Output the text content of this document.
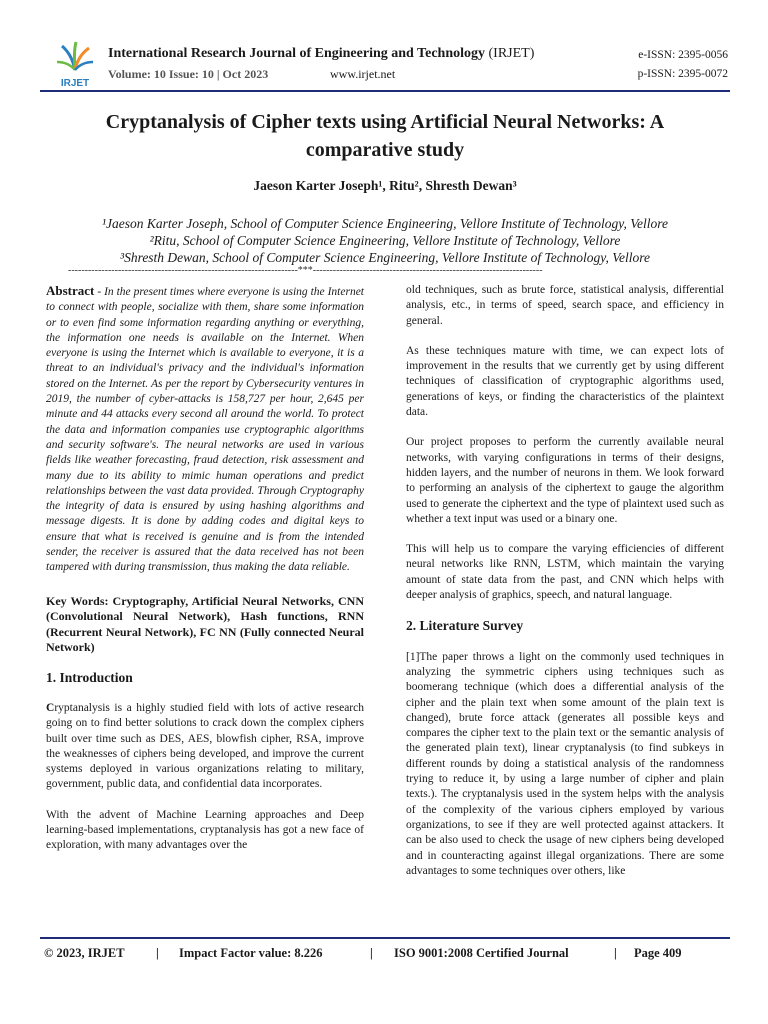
IRJET
International Research Journal of Engineering and Technology (IRJET)
Volume: 10 Issue: 10 | Oct 2023	www.irjet.net
e-ISSN: 2395-0056
p-ISSN: 2395-0072
Cryptanalysis of Cipher texts using Artificial Neural Networks: A comparative study
Jaeson Karter Joseph¹, Ritu², Shresth Dewan³
¹Jaeson Karter Joseph, School of Computer Science Engineering, Vellore Institute of Technology, Vellore
²Ritu, School of Computer Science Engineering, Vellore Institute of Technology, Vellore
³Shresth Dewan, School of Computer Science Engineering, Vellore Institute of Technology, Vellore
---------------------------------------------------------------------***---------------------------------------------------------------------

Abstract - In the present times where everyone is using the Internet to connect with people, socialize with them, share some information or to even find some information regarding anything or everything, the information one needs is available on the Internet. When everyone is using the Internet which is available to everyone, it is a threat to an individual's privacy and the individual's information stored on the Internet. As per the report by Cybersecurity ventures in 2019, the number of cyber-attacks is 158,727 per hour, 2,645 per minute and 44 attacks every second all around the world. To protect the data and information companies use cryptographic algorithms and security software's. The neural networks are used in various fields like weather forecasting, fraud detection, risk assessment and many due to its ability to mimic human operations and predict relationships between the vast data provided. Through Cryptography the integrity of data is ensured by using hashing algorithms and message digests. It is done by adding codes and digital keys to ensure that what is received is genuine and is from the intended sender, the receiver is assured that the data received has not been tampered with during transmission, thus making the data reliable.

Key Words: Cryptography, Artificial Neural Networks, CNN (Convolutional Neural Network), Hash functions, RNN (Recurrent Neural Network), FC NN (Fully connected Neural Network)
1. Introduction

Cryptanalysis is a highly studied field with lots of active research going on to find better solutions to crack down the complex ciphers built over time such as DES, AES, blowfish cipher, RSA, improve the weaknesses of ciphers being developed, and improve the current systems deployed in various organizations relating to military, government, public data, and confidential data incorporates.

With the advent of Machine Learning approaches and Deep learning-based implementations, cryptanalysis has got a new face of exploration, with many advantages over the

old techniques, such as brute force, statistical analysis, differential analysis, etc., in terms of speed, search space, and efficiency in general.

As these techniques mature with time, we can expect lots of improvement in the results that we currently get by using different techniques of classification of cryptographic algorithms used, generations of keys, or finding the characteristics of the plaintext data.

Our project proposes to perform the currently available neural networks, with varying configurations in terms of their designs, hidden layers, and the number of neurons in them. We look forward to performing an analysis of the ciphertext to gauge the algorithm used to generate the ciphertext and the type of plaintext used such as whether a text input was used or a binary one.

This will help us to compare the varying efficiencies of different neural networks like RNN, LSTM, which maintain the varying amount of state data from the past, and CNN which helps with deeper analysis of graphics, speech, and natural language.

2. Literature Survey

[1]The paper throws a light on the commonly used techniques in analyzing the symmetric ciphers using techniques such as boomerang technique (which does a differential analysis of the cipher and the plain text when some amount of the plain text is changed), brute force attack (generates all possible keys and compares the cipher text to the plain text or the semantic analysis of the generated plain text), linear cryptanalysis (to find subkeys in different rounds by doing a statistical analysis of the randomness trying to reduce it, by using a large number of cipher and plain texts.). The cryptanalysis used in the system helps with the analysis of the complexity of the various ciphers employed by various organizations, to see if they are well protected against attackers. It can be also used to check the usage of new ciphers being developed and in counteracting against illegal organizations. There are some advantages to some techniques over others, like

© 2023, IRJET	| Impact Factor value: 8.226	| ISO 9001:2008 Certified Journal	| Page 409
